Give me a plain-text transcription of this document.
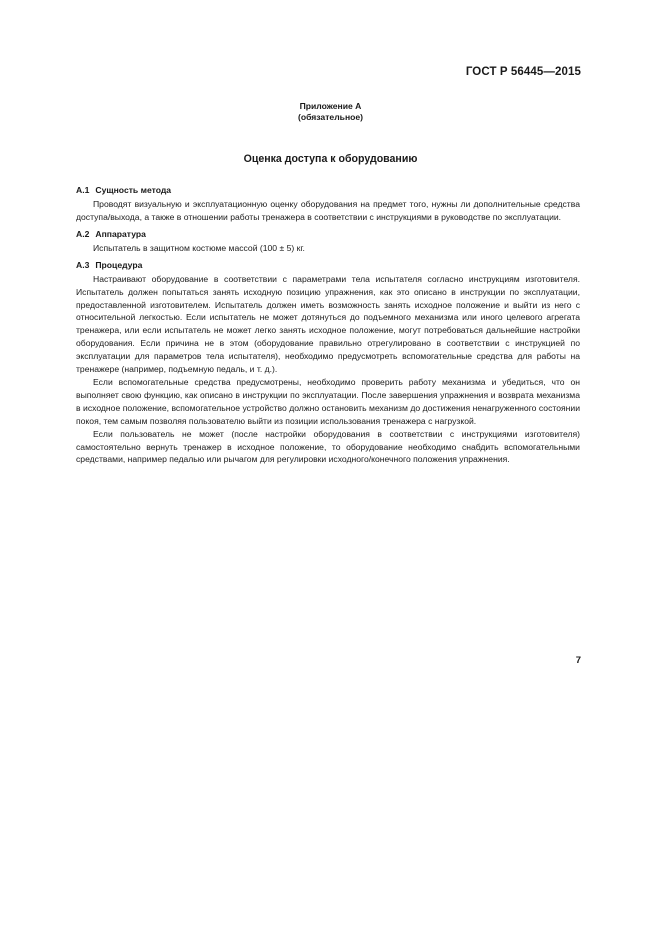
ГОСТ Р 56445—2015
Приложение А
(обязательное)
Оценка доступа к оборудованию
А.1 Сущность метода

Проводят визуальную и эксплуатационную оценку оборудования на предмет того, нужны ли дополнительные средства доступа/выхода, а также в отношении работы тренажера в соответствии с инструкциями в руководстве по эксплуатации.

А.2 Аппаратура

Испытатель в защитном костюме массой (100 ± 5) кг.

А.3 Процедура

Настраивают оборудование в соответствии с параметрами тела испытателя согласно инструкциям изготовителя. Испытатель должен попытаться занять исходную позицию упражнения, как это описано в инструкции по эксплуатации, предоставленной изготовителем. Испытатель должен иметь возможность занять исходное положение и выйти из него с относительной легкостью. Если испытатель не может дотянуться до подъемного механизма или иного целевого агрегата тренажера, или если испытатель не может легко занять исходное положение, могут потребоваться дальнейшие настройки оборудования. Если причина не в этом (оборудование правильно отрегулировано в соответствии с инструкцией по эксплуатации для параметров тела испытателя), необходимо предусмотреть вспомогательные средства для работы на тренажере (например, подъемную педаль, и т. д.).

Если вспомогательные средства предусмотрены, необходимо проверить работу механизма и убедиться, что он выполняет свою функцию, как описано в инструкции по эксплуатации. После завершения упражнения и возврата механизма в исходное положение, вспомогательное устройство должно остановить механизм до достижения ненагруженного состоянии покоя, тем самым позволяя пользователю выйти из позиции использования тренажера с нагрузкой.

Если пользователь не может (после настройки оборудования в соответствии с инструкциями изготовителя) самостоятельно вернуть тренажер в исходное положение, то оборудование необходимо снабдить вспомогательными средствами, например педалью или рычагом для регулировки исходного/конечного положения упражнения.

7
